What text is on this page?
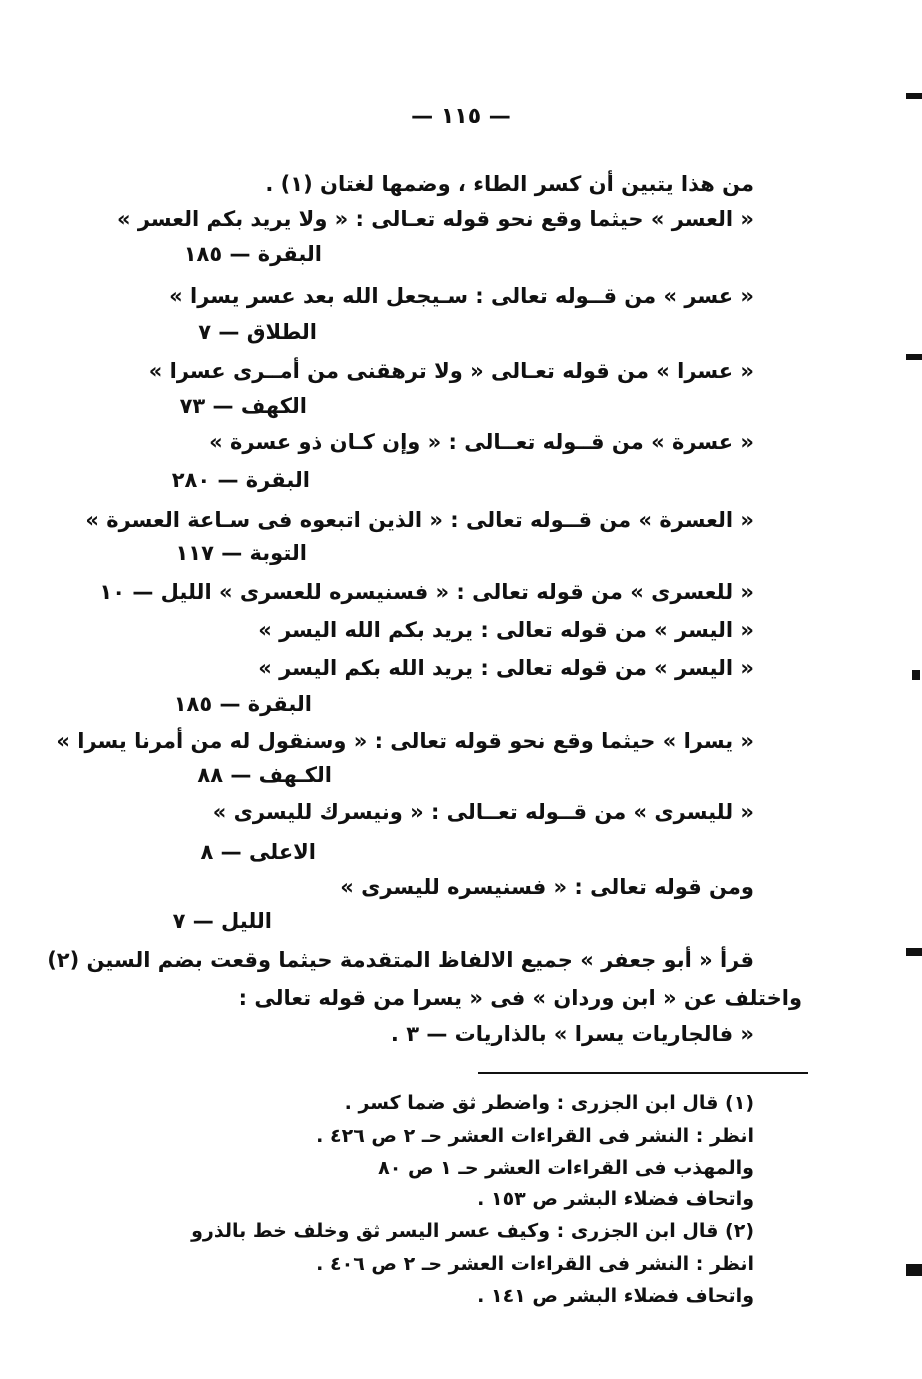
— ١١٥ —
من هذا يتبين أن كسر الطاء ، وضمها لغتان (١) .
« العسر » حيثما وقع نحو قوله تعـالى : « ولا يريد بكم العسر »
البقرة — ١٨٥
« عسر » من قــوله تعالى : سـيجعل الله بعد عسر يسرا »
الطلاق — ٧
« عسرا » من قوله تعـالى « ولا ترهقنى من أمــرى عسرا »
الكهف — ٧٣
« عسرة » من قــوله تعــالى : « وإن كـان ذو عسرة »
البقرة — ٢٨٠
« العسرة » من قــوله تعالى : « الذين اتبعوه فى سـاعة العسرة »
التوبة — ١١٧
« للعسرى » من قوله تعالى : « فسنيسره للعسرى » الليل — ١٠
« اليسر » من قوله تعالى : يريد بكم الله اليسر »
« اليسر » من قوله تعالى : يريد الله بكم اليسر »
البقرة — ١٨٥
« يسرا » حيثما وقع نحو قوله تعالى : « وسنقول له من أمرنا يسرا »
الكـهف — ٨٨
« لليسرى » من قــوله تعــالى : « ونيسرك لليسرى »
الاعلى — ٨
ومن قوله تعالى : « فسنيسره لليسرى »
الليل — ٧
قرأ « أبو جعفر » جميع الالفاظ المتقدمة حيثما وقعت بضم السين (٢)
واختلف عن « ابن وردان » فى « يسرا من قوله تعالى :
« فالجاريات يسرا » بالذاريات — ٣ .
(١) قال ابن الجزرى : واضطر ثق ضما كسر .
انظر : النشر فى القراءات العشر حـ ٢ ص ٤٢٦ .
والمهذب فى القراءات العشر حـ ١ ص ٨٠
واتحاف فضلاء البشر ص ١٥٣ .
(٢) قال ابن الجزرى : وكيف عسر اليسر ثق وخلف خط بالذرو
انظر : النشر فى القراءات العشر حـ ٢ ص ٤٠٦ .
واتحاف فضلاء البشر ص ١٤١ .
